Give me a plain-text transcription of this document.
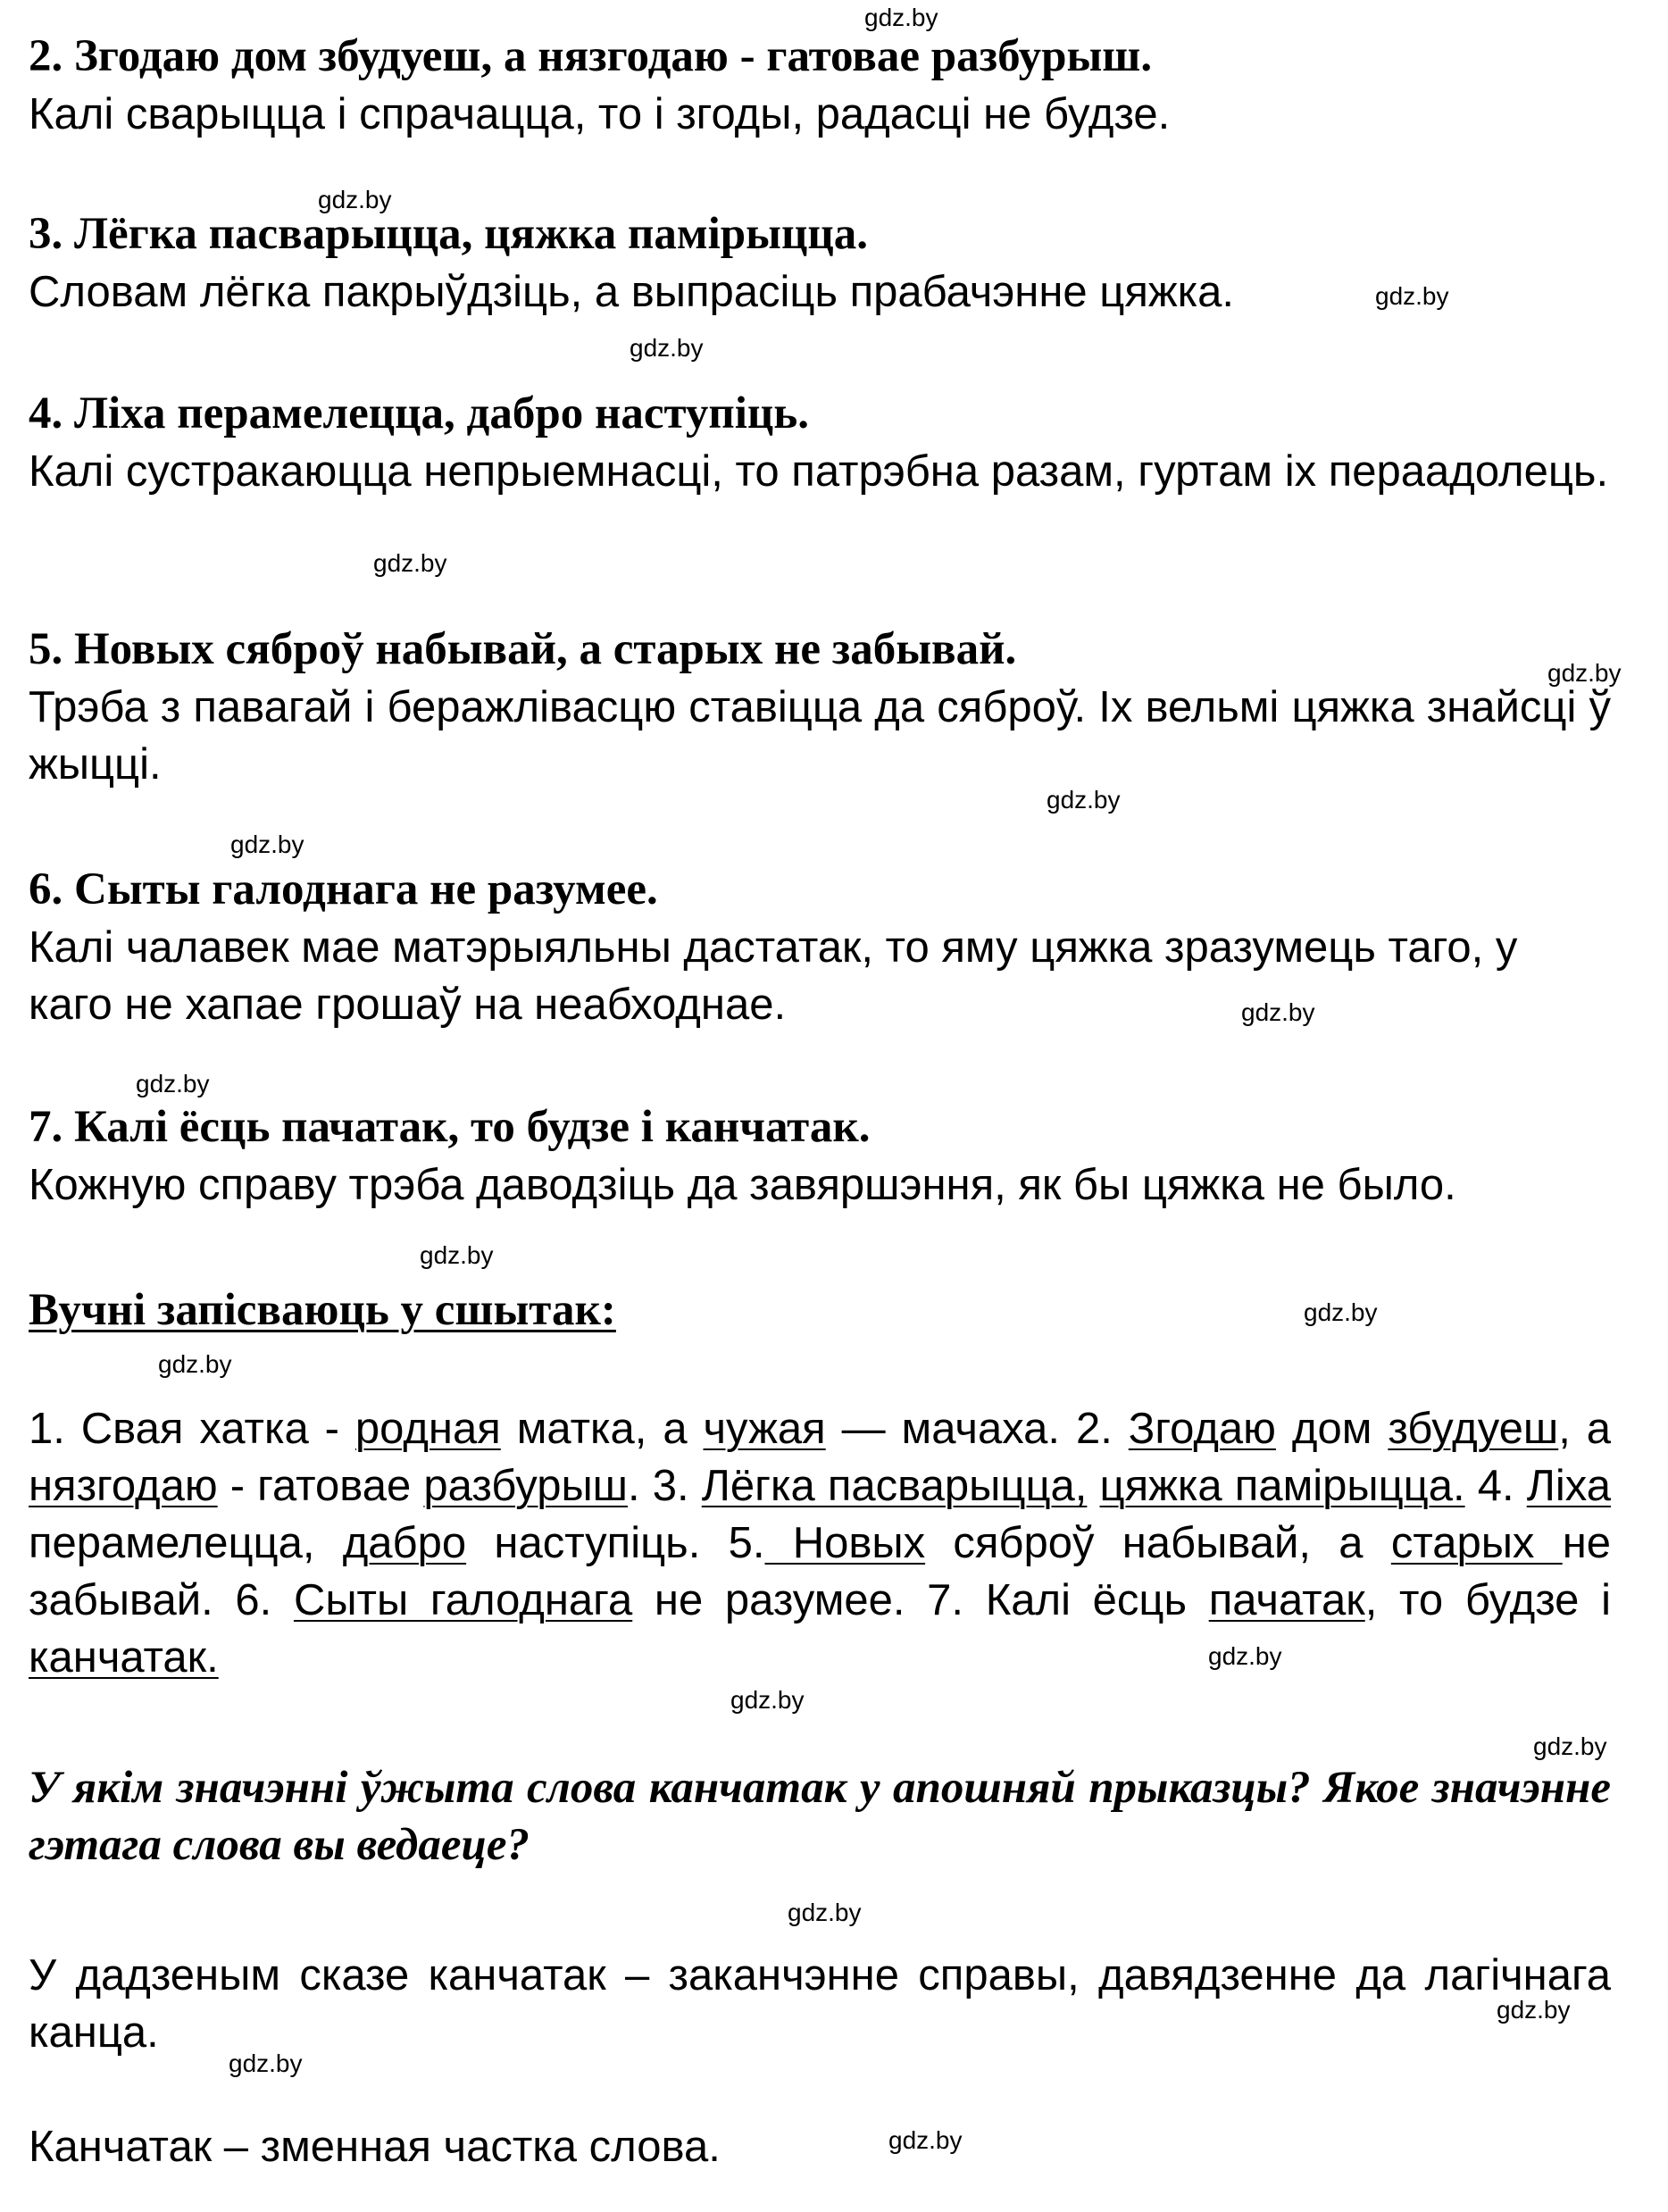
gdz.by
gdz.by
gdz.by
gdz.by
gdz.by
gdz.by
gdz.by
gdz.by
gdz.by
gdz.by
gdz.by
gdz.by
gdz.by
gdz.by
gdz.by
gdz.by
gdz.by
gdz.by
gdz.by
gdz.by

2. Згодаю дом збудуеш, а нязгодаю - гатовае разбурыш.

Калі сварыцца і спрачацца, то і згоды, радасці не будзе.

3. Лёгка пасварыцца, цяжка памірыцца.

Словам лёгка пакрыўдзіць, а выпрасіць прабачэнне цяжка.

4. Ліха перамелецца, дабро наступіць.

Калі сустракаюцца непрыемнасці, то патрэбна разам, гуртам іх пераадолець.

5. Новых сяброў набывай, а старых не забывай.

Трэба з павагай і беражлівасцю ставіцца да сяброў. Іх вельмі цяжка знайсці ў жыцці.

6. Сыты галоднага не разумее.

Калі чалавек мае матэрыяльны дастатак, то яму цяжка зразумець таго, у каго не хапае грошаў на неабходнае.

7. Калі ёсць пачатак, то будзе і канчатак.

Кожную справу трэба даводзіць да завяршэння, як бы цяжка не было.

Вучні запісваюць у сшытак:

1. Свая хатка - родная матка, а чужая — мачаха. 2. Згодаю дом збудуеш, а нязгодаю - гатовае разбурыш. 3. Лёгка пасварыцца, цяжка памірыцца. 4. Ліха перамелецца, дабро наступіць. 5. Новых сяброў набывай, а старых не забывай. 6. Сыты галоднага не разумее. 7. Калі ёсць пачатак, то будзе і канчатак.

У якім значэнні ўжыта слова канчатак у апошняй прыказцы? Якое значэнне гэтага слова вы ведаеце?

У дадзеным сказе канчатак – заканчэнне справы, давядзенне да лагічнага канца.

Канчатак – зменная частка слова.
